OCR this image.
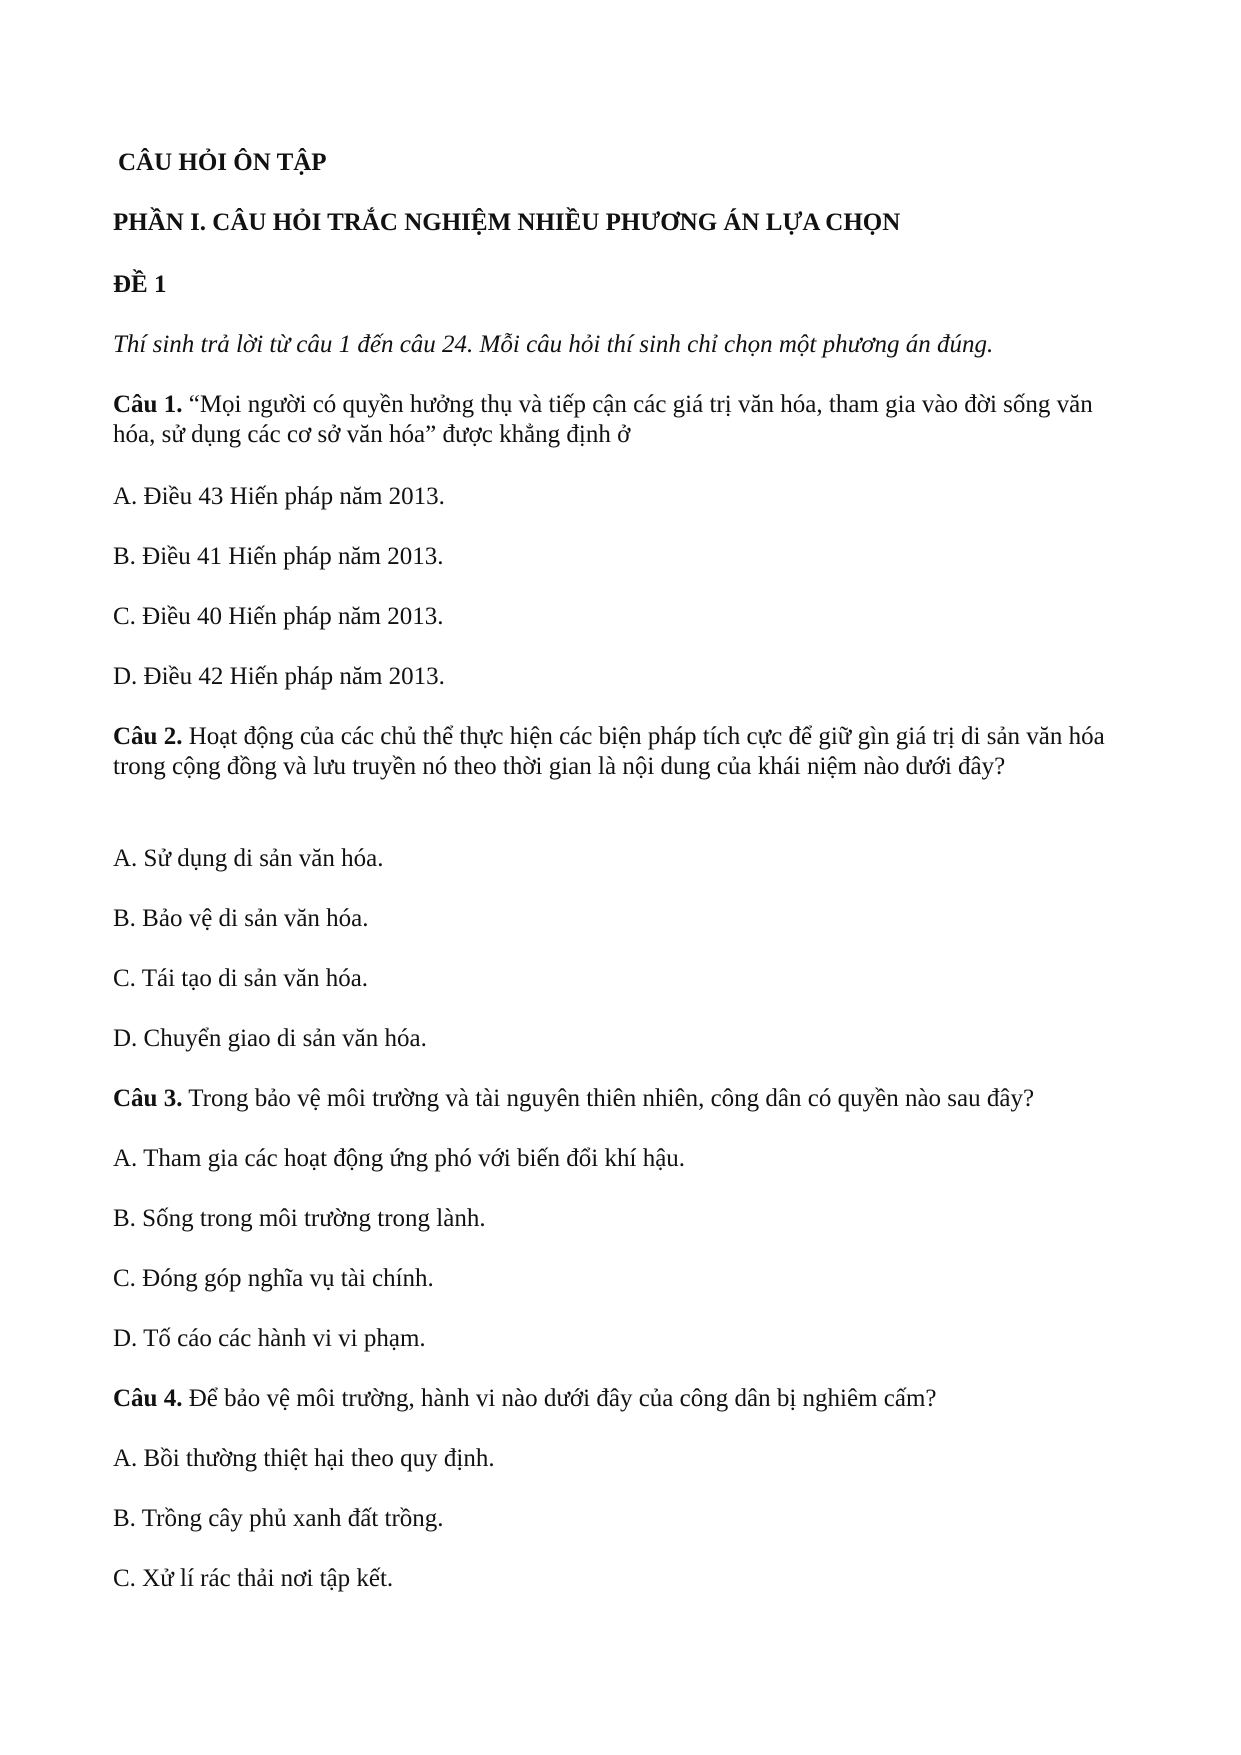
CÂU HỎI ÔN TẬP
PHẦN I. CÂU HỎI TRẮC NGHIỆM NHIỀU PHƯƠNG ÁN LỰA CHỌN
ĐỀ 1
Thí sinh trả lời từ câu 1 đến câu 24. Mỗi câu hỏi thí sinh chỉ chọn một phương án đúng.
Câu 1. “Mọi người có quyền hưởng thụ và tiếp cận các giá trị văn hóa, tham gia vào đời sống văn hóa, sử dụng các cơ sở văn hóa” được khẳng định ở
A. Điều 43 Hiến pháp năm 2013.
B. Điều 41 Hiến pháp năm 2013.
C. Điều 40 Hiến pháp năm 2013.
D. Điều 42 Hiến pháp năm 2013.
Câu 2. Hoạt động của các chủ thể thực hiện các biện pháp tích cực để giữ gìn giá trị di sản văn hóa trong cộng đồng và lưu truyền nó theo thời gian là nội dung của khái niệm nào dưới đây?
A. Sử dụng di sản văn hóa.
B. Bảo vệ di sản văn hóa.
C. Tái tạo di sản văn hóa.
D. Chuyển giao di sản văn hóa.
Câu 3. Trong bảo vệ môi trường và tài nguyên thiên nhiên, công dân có quyền nào sau đây?
A. Tham gia các hoạt động ứng phó với biến đổi khí hậu.
B. Sống trong môi trường trong lành.
C. Đóng góp nghĩa vụ tài chính.
D. Tố cáo các hành vi vi phạm.
Câu 4. Để bảo vệ môi trường, hành vi nào dưới đây của công dân bị nghiêm cấm?
A. Bồi thường thiệt hại theo quy định.
B. Trồng cây phủ xanh đất trồng.
C. Xử lí rác thải nơi tập kết.
